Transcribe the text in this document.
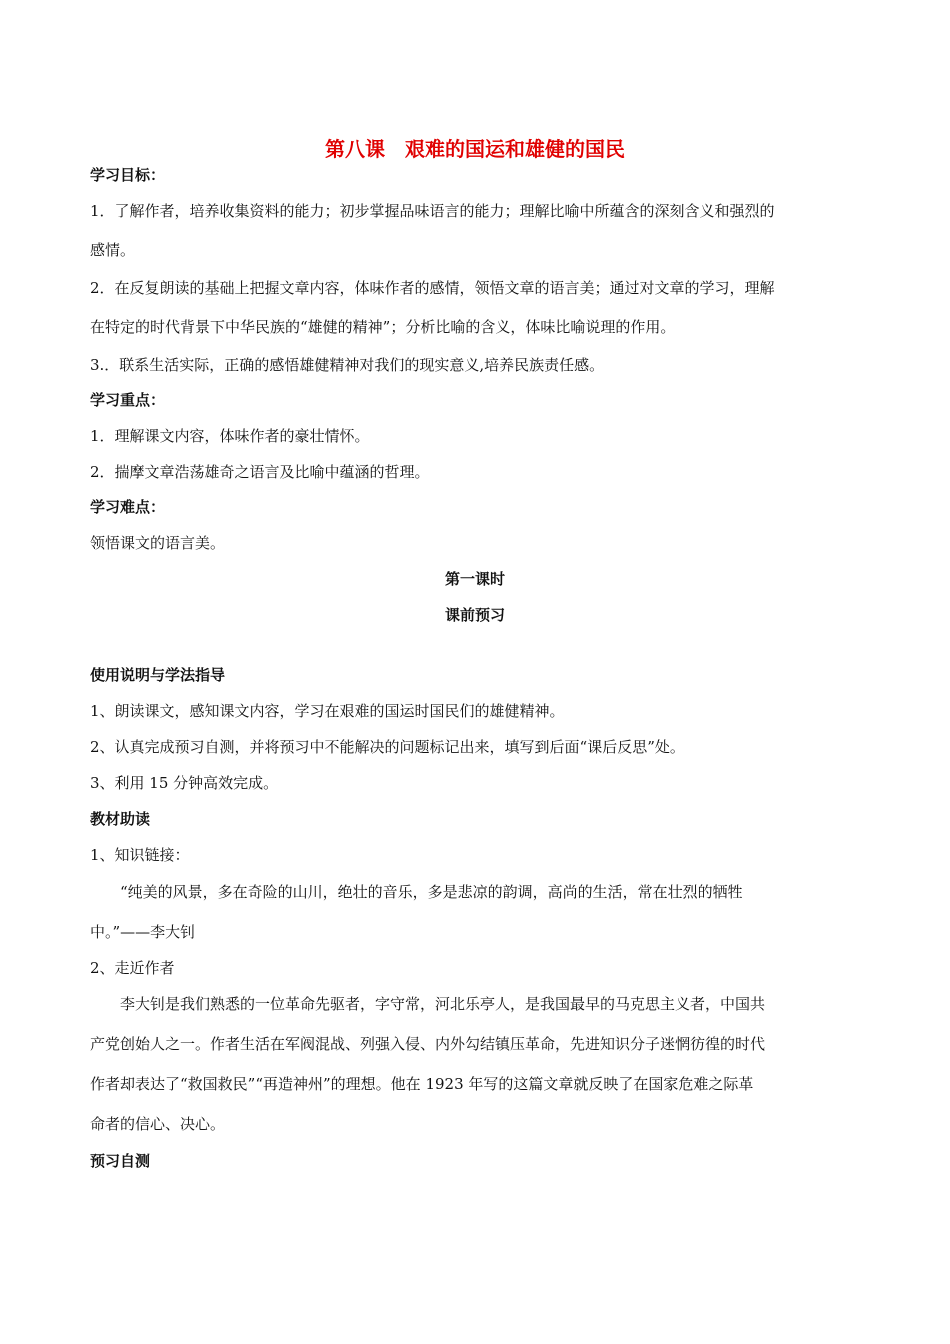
第八课　艰难的国运和雄健的国民
学习目标：
1．了解作者，培养收集资料的能力；初步掌握品味语言的能力；理解比喻中所蕴含的深刻含义和强烈的
感情。
2．在反复朗读的基础上把握文章内容，体味作者的感情，领悟文章的语言美；通过对文章的学习，理解
在特定的时代背景下中华民族的“雄健的精神”；分析比喻的含义，体味比喻说理的作用。
3.．联系生活实际，正确的感悟雄健精神对我们的现实意义,培养民族责任感。
学习重点：
1．理解课文内容，体味作者的豪壮情怀。
2．揣摩文章浩荡雄奇之语言及比喻中蕴涵的哲理。
学习难点：
领悟课文的语言美。
第一课时
课前预习
使用说明与学法指导
1、朗读课文，感知课文内容，学习在艰难的国运时国民们的雄健精神。
2、认真完成预习自测，并将预习中不能解决的问题标记出来，填写到后面“课后反思”处。
3、利用 15 分钟高效完成。
教材助读
1、知识链接：
“纯美的风景，多在奇险的山川，绝壮的音乐，多是悲凉的韵调，高尚的生活，常在壮烈的牺牲
中。”——李大钊
2、走近作者
李大钊是我们熟悉的一位革命先驱者，字守常，河北乐亭人，是我国最早的马克思主义者，中国共
产党创始人之一。作者生活在军阀混战、列强入侵、内外勾结镇压革命，先进知识分子迷惘彷徨的时代
作者却表达了“救国救民”“再造神州”的理想。他在 1923 年写的这篇文章就反映了在国家危难之际革
命者的信心、决心。
预习自测
